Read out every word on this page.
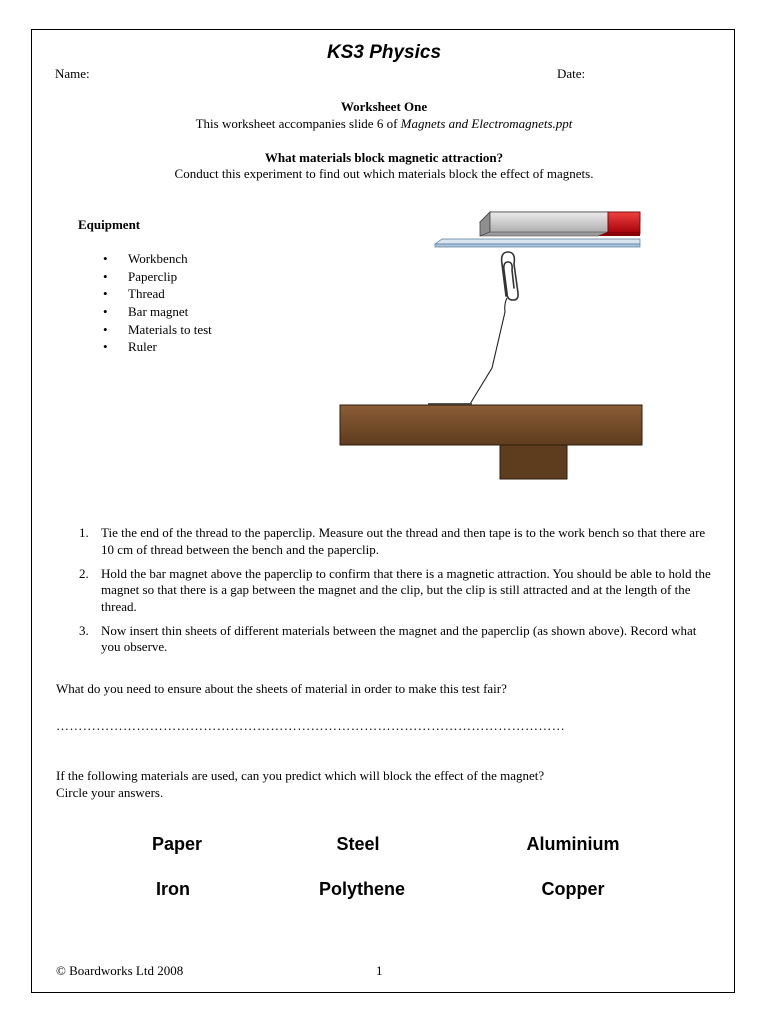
KS3 Physics
Name:	Date:
Worksheet One
This worksheet accompanies slide 6 of Magnets and Electromagnets.ppt
What materials block magnetic attraction?
Conduct this experiment to find out which materials block the effect of magnets.
Equipment
• Workbench
• Paperclip
• Thread
• Bar magnet
• Materials to test
• Ruler
1. Tie the end of the thread to the paperclip. Measure out the thread and then tape is to the work bench so that there are 10 cm of thread between the bench and the paperclip.
2. Hold the bar magnet above the paperclip to confirm that there is a magnetic attraction. You should be able to hold the magnet so that there is a gap between the magnet and the clip, but the clip is still attracted and at the length of the thread.
3. Now insert thin sheets of different materials between the magnet and the paperclip (as shown above). Record what you observe.
What do you need to ensure about the sheets of material in order to make this test fair?
……………………………………………………………………………………………………
If the following materials are used, can you predict which will block the effect of the magnet?
Circle your answers.
Paper	Steel	Aluminium
Iron	Polythene	Copper
© Boardworks Ltd 2008	1
